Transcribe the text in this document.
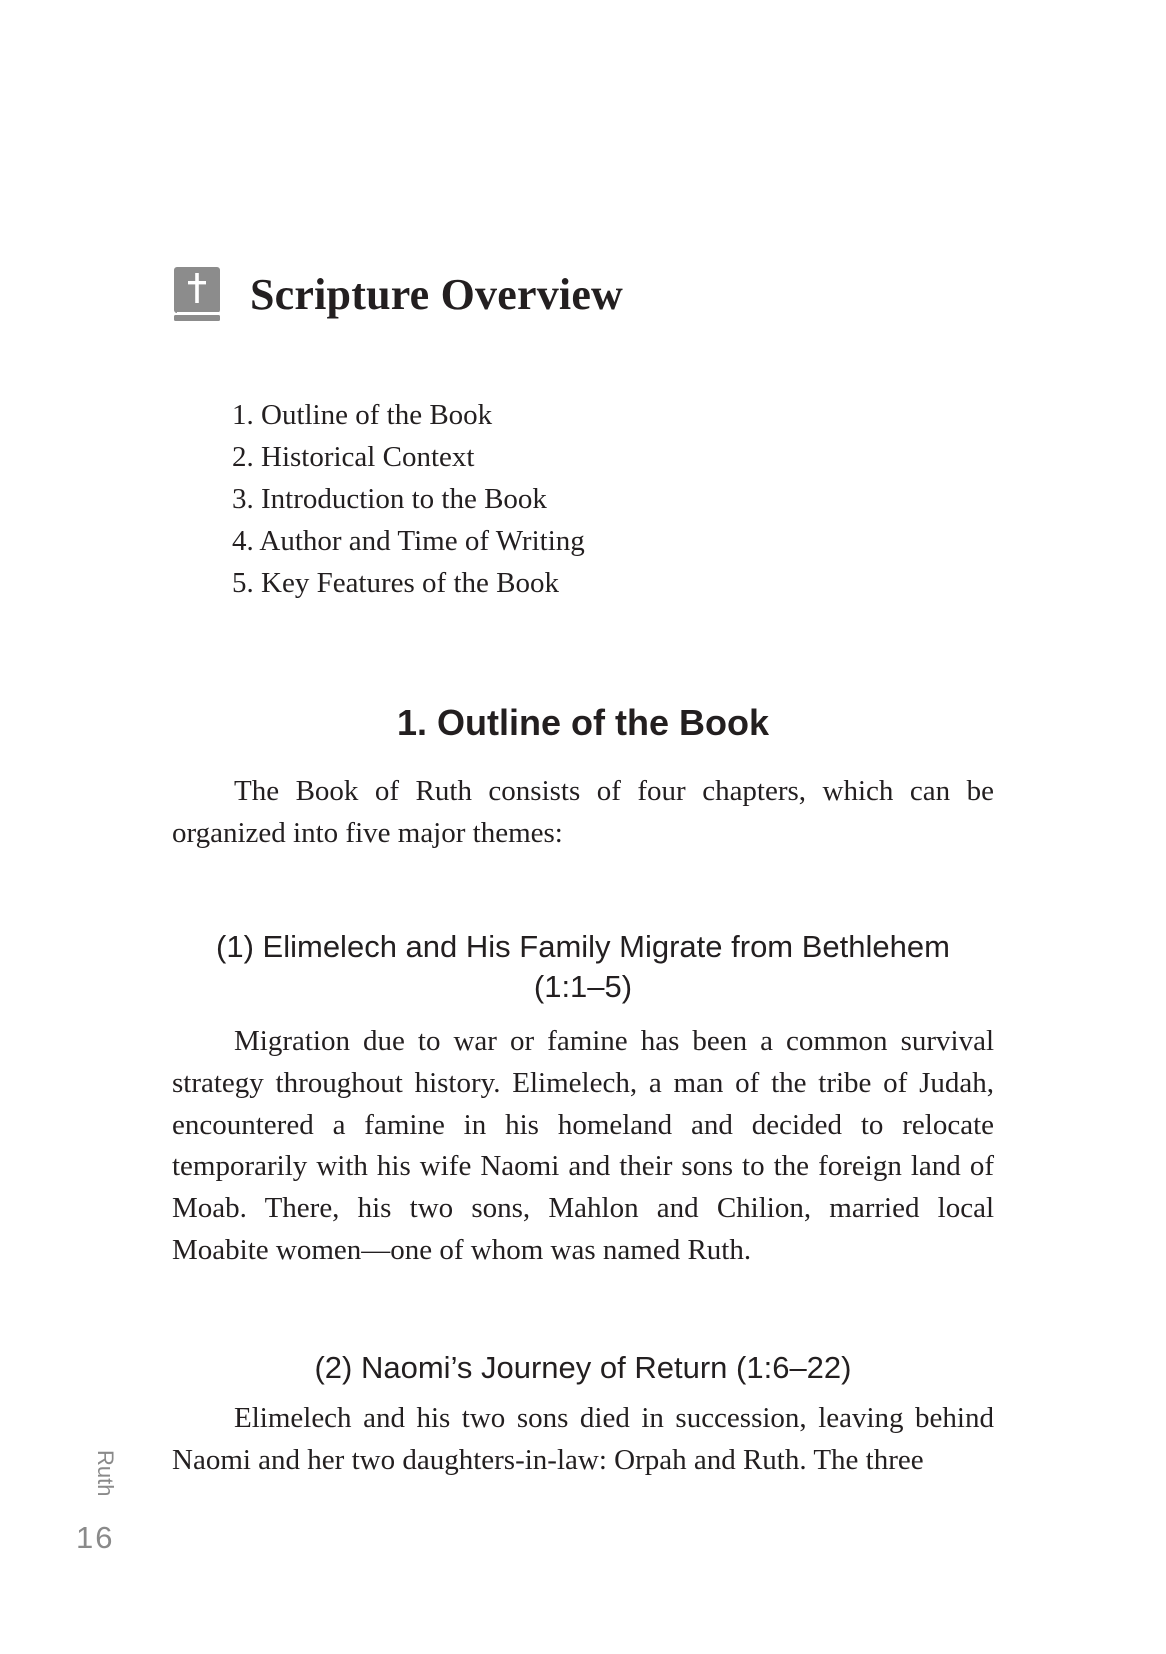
Scripture Overview
1. Outline of the Book
2. Historical Context
3. Introduction to the Book
4. Author and Time of Writing
5. Key Features of the Book
1. Outline of the Book

The Book of Ruth consists of four chapters, which can be organized into five major themes:

(1) Elimelech and His Family Migrate from Bethlehem
(1:1–5)

Migration due to war or famine has been a common survival strategy throughout history. Elimelech, a man of the tribe of Judah, encountered a famine in his homeland and decided to relocate temporarily with his wife Naomi and their sons to the foreign land of Moab. There, his two sons, Mahlon and Chilion, married local Moabite women—one of whom was named Ruth.

(2) Naomi’s Journey of Return (1:6–22)

Elimelech and his two sons died in succession, leaving behind Naomi and her two daughters-in-law: Orpah and Ruth. The three

Ruth
16
